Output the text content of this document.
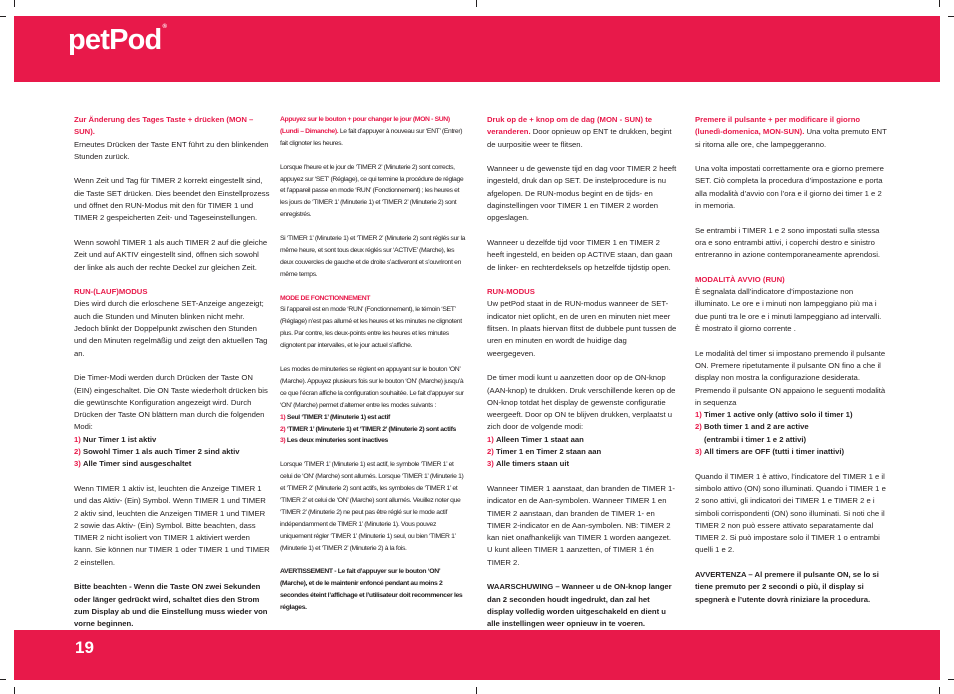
petPod®

Zur Änderung des Tages Taste + drücken (MON – SUN).
Erneutes Drücken der Taste ENT führt zu den blinkenden Stunden zurück.

Wenn Zeit und Tag für TIMER 2 korrekt eingestellt sind, die Taste SET drücken. Dies beendet den Einstellprozess und öffnet den RUN-Modus mit den für TIMER 1 und TIMER 2 gespeicherten Zeit- und Tageseinstellungen.

Wenn sowohl TIMER 1 als auch TIMER 2 auf die gleiche Zeit und auf AKTIV eingestellt sind, öffnen sich sowohl der linke als auch der rechte Deckel zur gleichen Zeit.

RUN-(LAUF)MODUS

Dies wird durch die erloschene SET-Anzeige angezeigt; auch die Stunden und Minuten blinken nicht mehr. Jedoch blinkt der Doppelpunkt zwischen den Stunden und den Minuten regelmäßig und zeigt den aktuellen Tag an.

Die Timer-Modi werden durch Drücken der Taste ON (EIN) eingeschaltet. Die ON Taste wiederholt drücken bis die gewünschte Konfiguration angezeigt wird. Durch Drücken der Taste ON blättern man durch die folgenden Modi:

1) Nur Timer 1 ist aktiv
2) Sowohl Timer 1 als auch Timer 2 sind aktiv
3) Alle Timer sind ausgeschaltet

Wenn TIMER 1 aktiv ist, leuchten die Anzeige TIMER 1 und das Aktiv- (Ein) Symbol. Wenn TIMER 1 und TIMER 2 aktiv sind, leuchten die Anzeigen TIMER 1 und TIMER 2 sowie das Aktiv- (Ein) Symbol. Bitte beachten, dass TIMER 2 nicht isoliert von TIMER 1 aktiviert werden kann. Sie können nur TIMER 1 oder TIMER 1 und TIMER 2 einstellen.

Bitte beachten - Wenn die Taste ON zwei Sekunden oder länger gedrückt wird, schaltet dies den Strom zum Display ab und die Einstellung muss wieder von vorne beginnen.

Appuyez sur le bouton + pour changer le jour (MON - SUN) (Lundi – Dimanche). Le fait d’appuyer à nouveau sur ‘ENT’ (Entrer) fait clignoter les heures.

Lorsque l’heure et le jour de ‘TIMER 2’ (Minuterie 2) sont corrects, appuyez sur ‘SET’ (Réglage), ce qui termine la procédure de réglage et l’appareil passe en mode ‘RUN’ (Fonctionnement) ; les heures et les jours de ‘TIMER 1’ (Minuterie 1) et ‘TIMER 2’ (Minuterie 2) sont enregistrés.

Si ‘TIMER 1’ (Minuterie 1) et ‘TIMER 2’ (Minuterie 2) sont réglés sur la même heure, et sont tous deux réglés sur ‘ACTIVE’ (Marche), les deux couvercles de gauche et de droite s’activeront et s’ouvriront en même temps.

MODE DE FONCTIONNEMENT

Si l’appareil est en mode ‘RUN’ (Fonctionnement), le témoin ‘SET’ (Réglage) n’est pas allumé et les heures et les minutes ne clignotent plus. Par contre, les deux-points entre les heures et les minutes clignotent par intervalles, et le jour actuel s’affiche.

Les modes de minuteries se règlent en appuyant sur le bouton ‘ON’ (Marche). Appuyez plusieurs fois sur le bouton ‘ON’ (Marche) jusqu’à ce que l’écran affiche la configuration souhaitée. Le fait d’appuyer sur ‘ON’ (Marche) permet d’alterner entre les modes suivants :

1) Seul ‘TIMER 1’ (Minuterie 1) est actif
2) ‘TIMER 1’ (Minuterie 1) et ‘TIMER 2’ (Minuterie 2) sont actifs
3) Les deux minuteries sont inactives

Lorsque ‘TIMER 1’ (Minuterie 1) est actif, le symbole ‘TIMER 1’ et celui de ‘ON’ (Marche) sont allumés. Lorsque ‘TIMER 1’ (Minuterie 1) et ‘TIMER 2’ (Minuterie 2) sont actifs, les symboles de ‘TIMER 1’ et ‘TIMER 2’ et celui de ‘ON’ (Marche) sont allumés. Veuillez noter que ‘TIMER 2’ (Minuterie 2) ne peut pas être réglé sur le mode actif indépendamment de TIMER 1’ (Minuterie 1). Vous pouvez uniquement régler ‘TIMER 1’ (Minuterie 1) seul, ou bien ‘TIMER 1’ (Minuterie 1) et ‘TIMER 2’ (Minuterie 2) à la fois.

AVERTISSEMENT - Le fait d’appuyer sur le bouton ‘ON’ (Marche), et de le maintenir enfoncé pendant au moins 2 secondes éteint l’affichage et l’utilisateur doit recommencer les réglages.

Druk op de + knop om de dag (MON - SUN) te veranderen. Door opnieuw op ENT te drukken, begint de uurpositie weer te flitsen.

Wanneer u de gewenste tijd en dag voor TIMER 2 heeft ingesteld, druk dan op SET. De instelprocedure is nu afgelopen. De RUN-modus begint en de tijds- en daginstellingen voor TIMER 1 en TIMER 2 worden opgeslagen.

Wanneer u dezelfde tijd voor TIMER 1 en TIMER 2 heeft ingesteld, en beiden op ACTIVE staan, dan gaan de linker- en rechterdeksels op hetzelfde tijdstip open.

RUN-MODUS

Uw petPod staat in de RUN-modus wanneer de SET-indicator niet oplicht, en de uren en minuten niet meer flitsen. In plaats hiervan flitst de dubbele punt tussen de uren en minuten en wordt de huidige dag weergegeven.

De timer modi kunt u aanzetten door op de ON-knop (AAN-knop) te drukken. Druk verschillende keren op de ON-knop totdat het display de gewenste configuratie weergeeft. Door op ON te blijven drukken, verplaatst u zich door de volgende modi:

1) Alleen Timer 1 staat aan
2) Timer 1 en Timer 2 staan aan
3) Alle timers staan uit

Wanneer TIMER 1 aanstaat, dan branden de TIMER 1-indicator en de Aan-symbolen. Wanneer TIMER 1 en TIMER 2 aanstaan, dan branden de TIMER 1- en TIMER 2-indicator en de Aan-symbolen. NB: TIMER 2 kan niet onafhankelijk van TIMER 1 worden aangezet. U kunt alleen TIMER 1 aanzetten, of TIMER 1 én TIMER 2.

WAARSCHUWING – Wanneer u de ON-knop langer dan 2 seconden houdt ingedrukt, dan zal het display volledig worden uitgeschakeld en dient u alle instellingen weer opnieuw in te voeren.

Premere il pulsante + per modificare il giorno (lunedì-domenica, MON-SUN). Una volta premuto ENT si ritorna alle ore, che lampeggeranno.

Una volta impostati correttamente ora e giorno premere SET. Ciò completa la procedura d’impostazione e porta alla modalità d’avvio con l’ora e il giorno dei timer 1 e 2 in memoria.

Se entrambi i TIMER 1 e 2 sono impostati sulla stessa ora e sono entrambi attivi, i coperchi destro e sinistro entreranno in azione contemporaneamente aprendosi.

MODALITÀ AVVIO (RUN)

È segnalata dall’indicatore d’impostazione non illuminato. Le ore e i minuti non lampeggiano più ma i due punti tra le ore e i minuti lampeggiano ad intervalli. È mostrato il giorno corrente .

Le modalità del timer si impostano premendo il pulsante ON. Premere ripetutamente il pulsante ON fino a che il display non mostra la configurazione desiderata. Premendo il pulsante ON appaiono le seguenti modalità in sequenza

1) Timer 1 active only (attivo solo il timer 1)
2) Both timer 1 and 2 are active
(entrambi i timer 1 e 2 attivi)
3) All timers are OFF (tutti i timer inattivi)

Quando il TIMER 1 è attivo, l’indicatore del TIMER 1 e il simbolo attivo (ON) sono illuminati. Quando i TIMER 1 e 2 sono attivi, gli indicatori dei TIMER 1 e TIMER 2 e i simboli corrispondenti (ON) sono illuminati. Si noti che il TIMER 2 non può essere attivato separatamente dal TIMER 2. Si può impostare solo il TIMER 1 o entrambi quelli 1 e 2.

AVVERTENZA – Al premere il pulsante ON, se lo si tiene premuto per 2 secondi o più, il display si spegnerà e l’utente dovrà riniziare la procedura.

19
